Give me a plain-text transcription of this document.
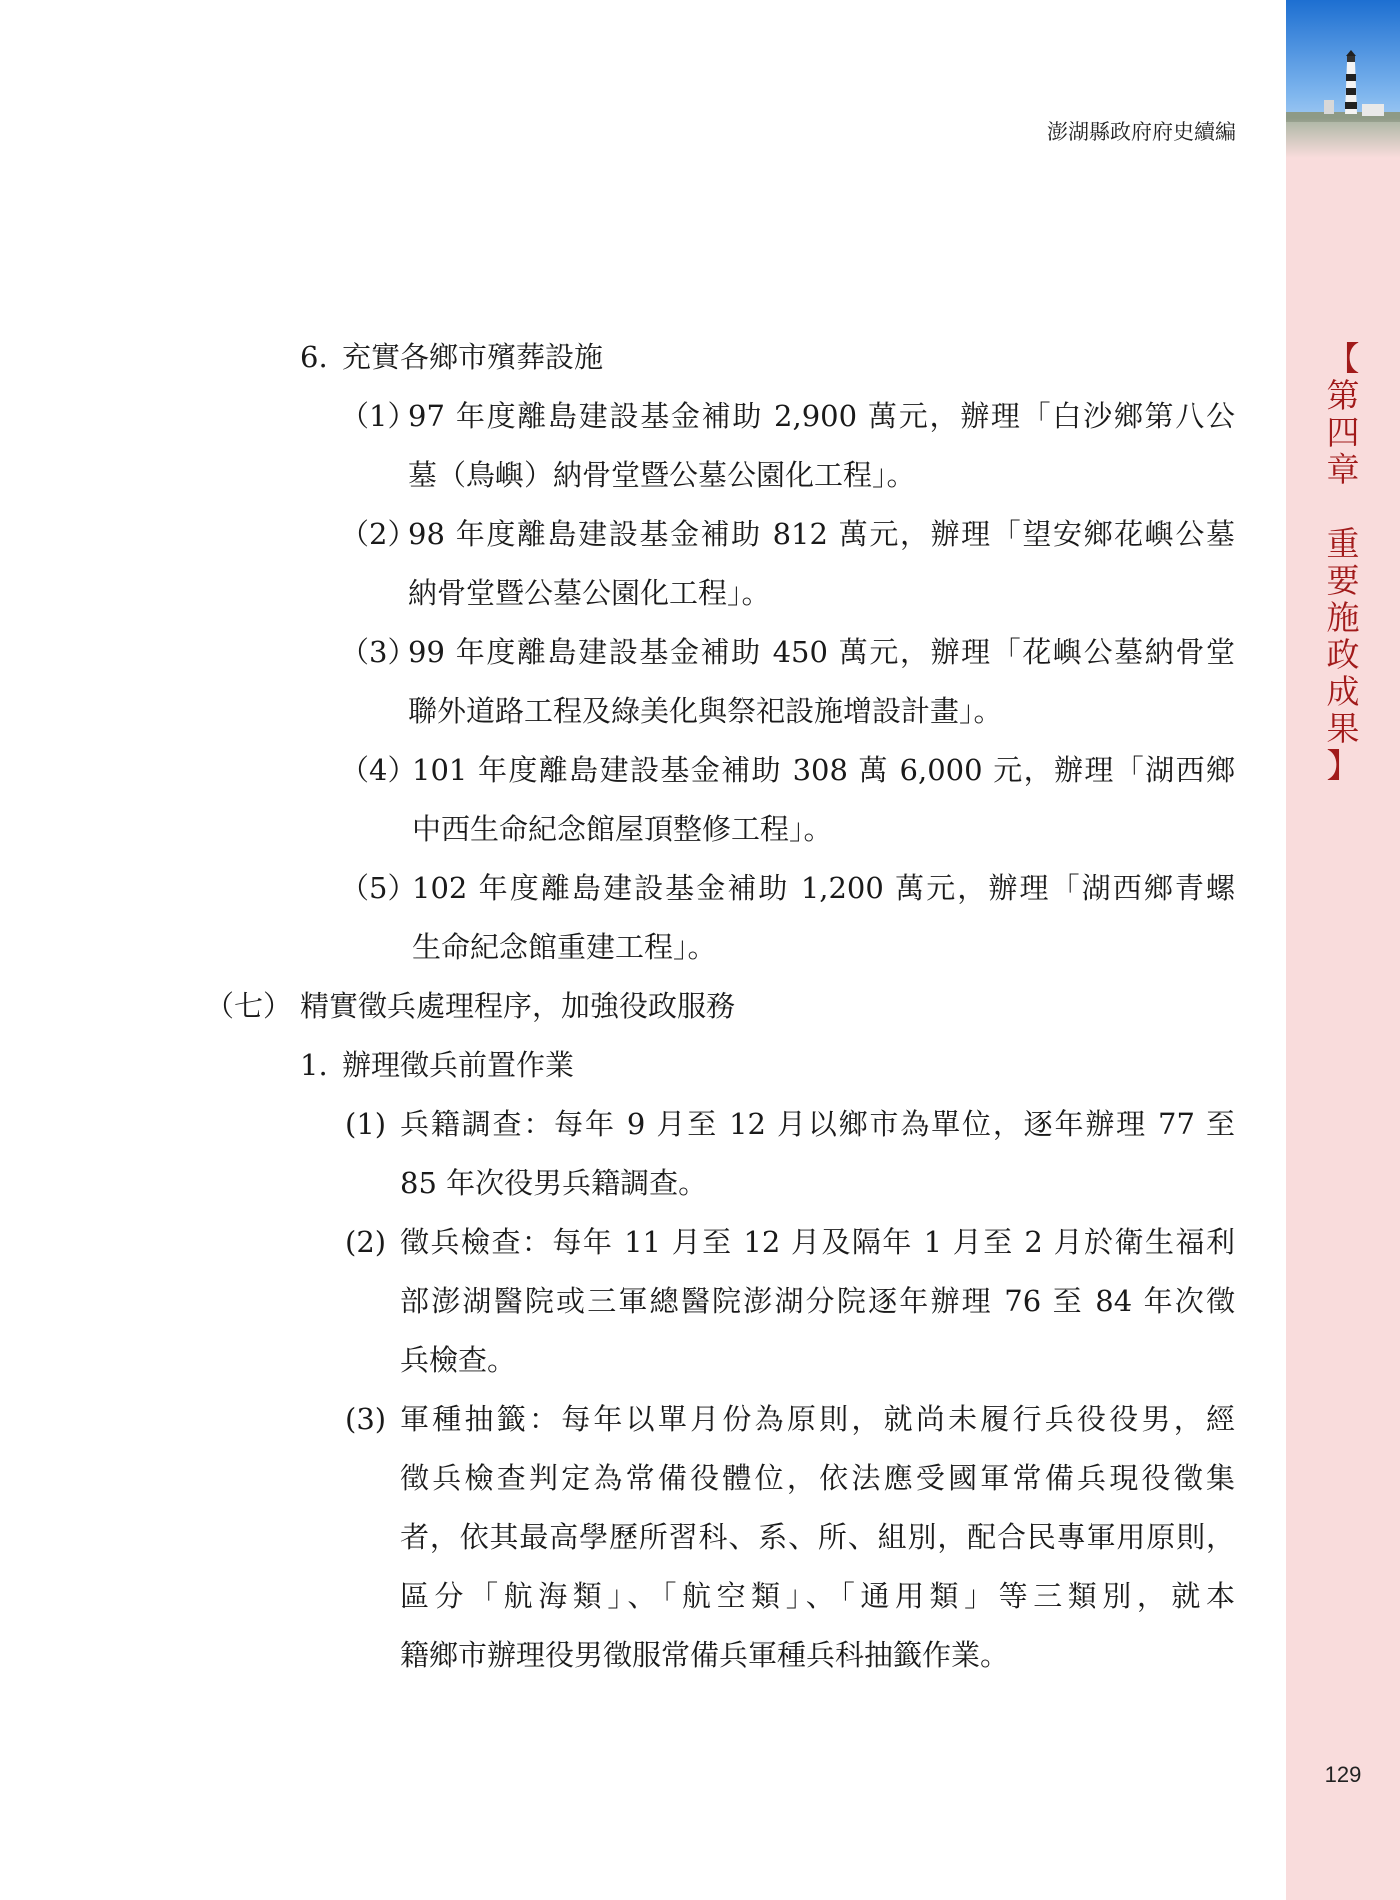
澎湖縣政府府史續編
【
第
四
章

重
要
施
政
成
果
】
129
6. 充實各鄉市殯葬設施
（1）
97 年度離島建設基金補助 2,900 萬元，辦理「白沙鄉第八公
墓（鳥嶼）納骨堂暨公墓公園化工程」。
（2）
98 年度離島建設基金補助 812 萬元，辦理「望安鄉花嶼公墓
納骨堂暨公墓公園化工程」。
（3）
99 年度離島建設基金補助 450 萬元，辦理「花嶼公墓納骨堂
聯外道路工程及綠美化與祭祀設施增設計畫」。
（4）
101 年度離島建設基金補助 308 萬 6,000 元，辦理「湖西鄉
中西生命紀念館屋頂整修工程」。
（5）
102 年度離島建設基金補助 1,200 萬元，辦理「湖西鄉青螺
生命紀念館重建工程」。
（七） 精實徵兵處理程序，加強役政服務
1. 辦理徵兵前置作業
(1) 兵籍調查：每年 9 月至 12 月以鄉市為單位，逐年辦理 77 至
85 年次役男兵籍調查。
(2) 徵兵檢查：每年 11 月至 12 月及隔年 1 月至 2 月於衛生福利
部澎湖醫院或三軍總醫院澎湖分院逐年辦理 76 至 84 年次徵
兵檢查。
(3) 軍種抽籤：每年以單月份為原則，就尚未履行兵役役男，經
徵兵檢查判定為常備役體位，依法應受國軍常備兵現役徵集
者，依其最高學歷所習科、系、所、組別，配合民專軍用原則，
區分「航海類」、「航空類」、「通用類」等三類別，就本
籍鄉市辦理役男徵服常備兵軍種兵科抽籤作業。
